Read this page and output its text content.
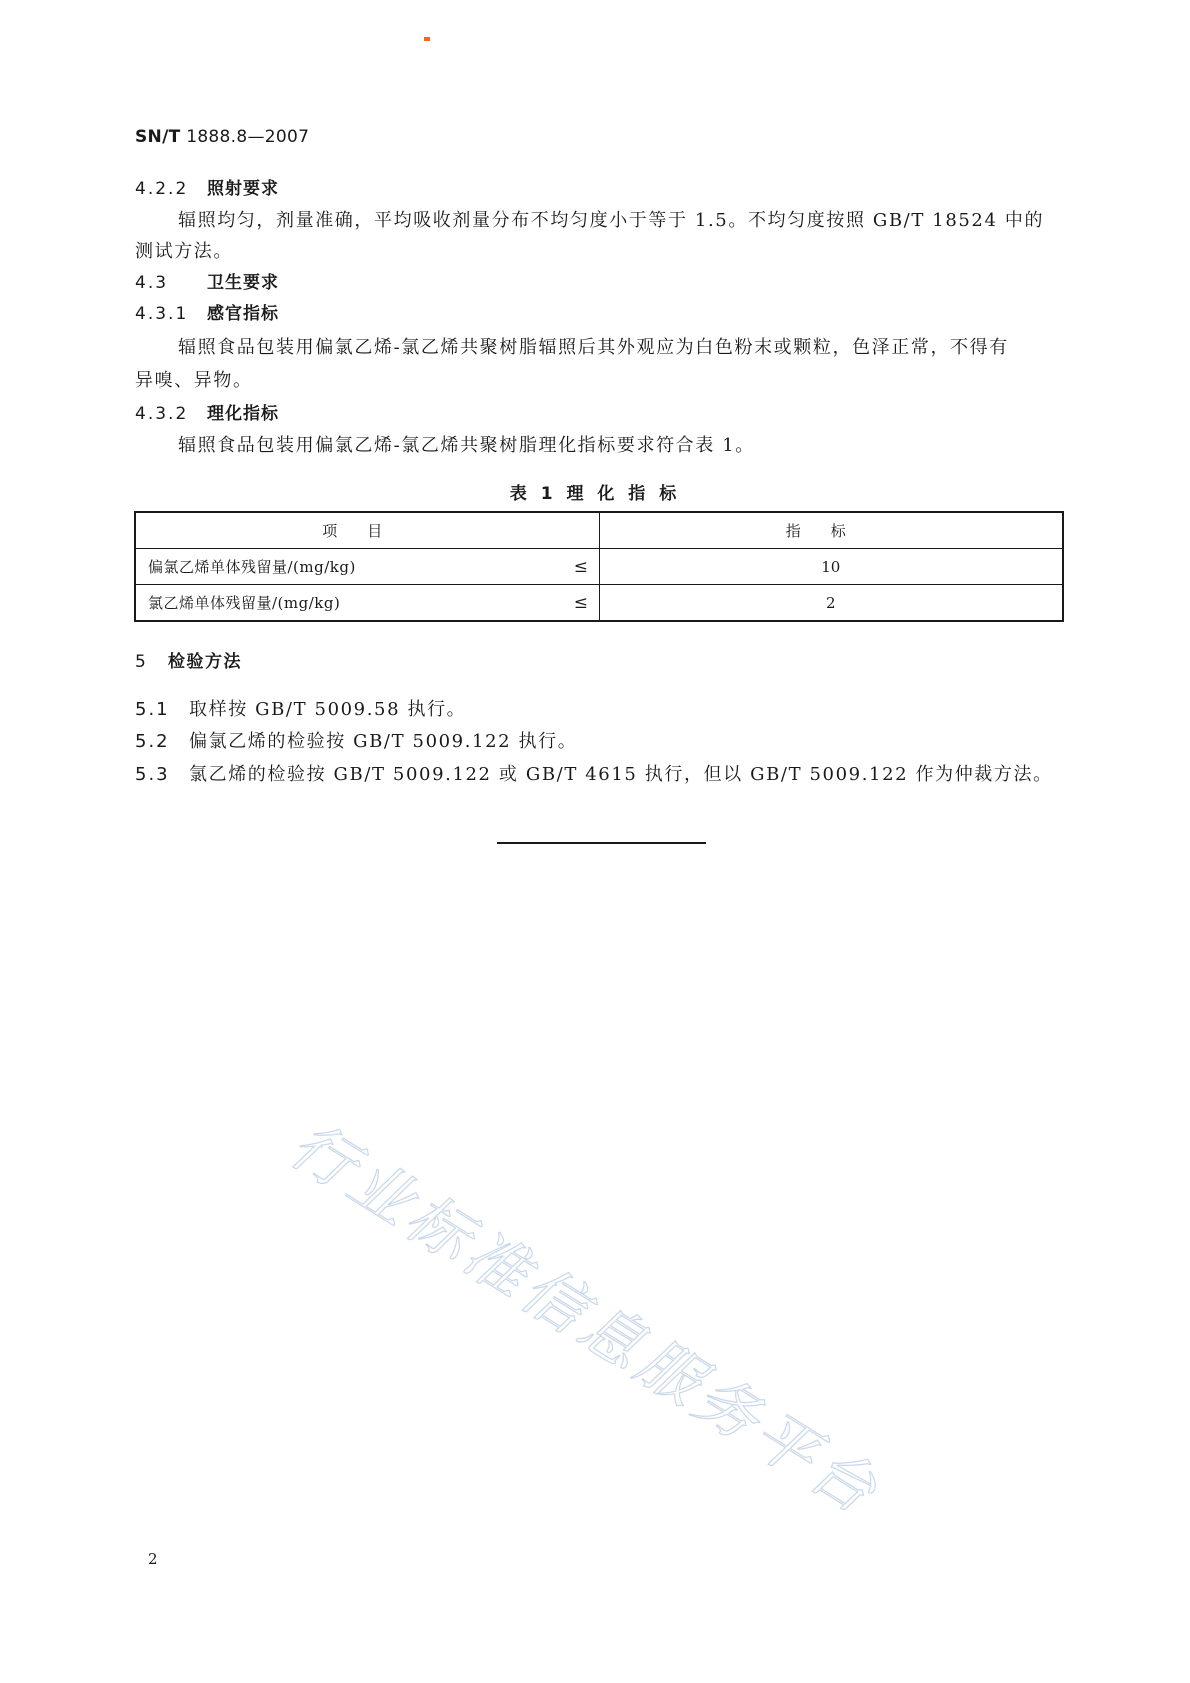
SN/T 1888.8—2007
4.2.2 照射要求
辐照均匀，剂量准确，平均吸收剂量分布不均匀度小于等于 1.5。不均匀度按照 GB/T 18524 中的
测试方法。
4.3 卫生要求
4.3.1 感官指标
辐照食品包装用偏氯乙烯-氯乙烯共聚树脂辐照后其外观应为白色粉末或颗粒，色泽正常，不得有
异嗅、异物。
4.3.2 理化指标
辐照食品包装用偏氯乙烯-氯乙烯共聚树脂理化指标要求符合表 1。
表 1 理 化 指 标
项目	指标
偏氯乙烯单体残留量/(mg/kg) ≤	10
氯乙烯单体残留量/(mg/kg) ≤	2
5 检验方法
5.1 取样按 GB/T 5009.58 执行。
5.2 偏氯乙烯的检验按 GB/T 5009.122 执行。
5.3 氯乙烯的检验按 GB/T 5009.122 或 GB/T 4615 执行，但以 GB/T 5009.122 作为仲裁方法。
行业标准信息服务平台
2
